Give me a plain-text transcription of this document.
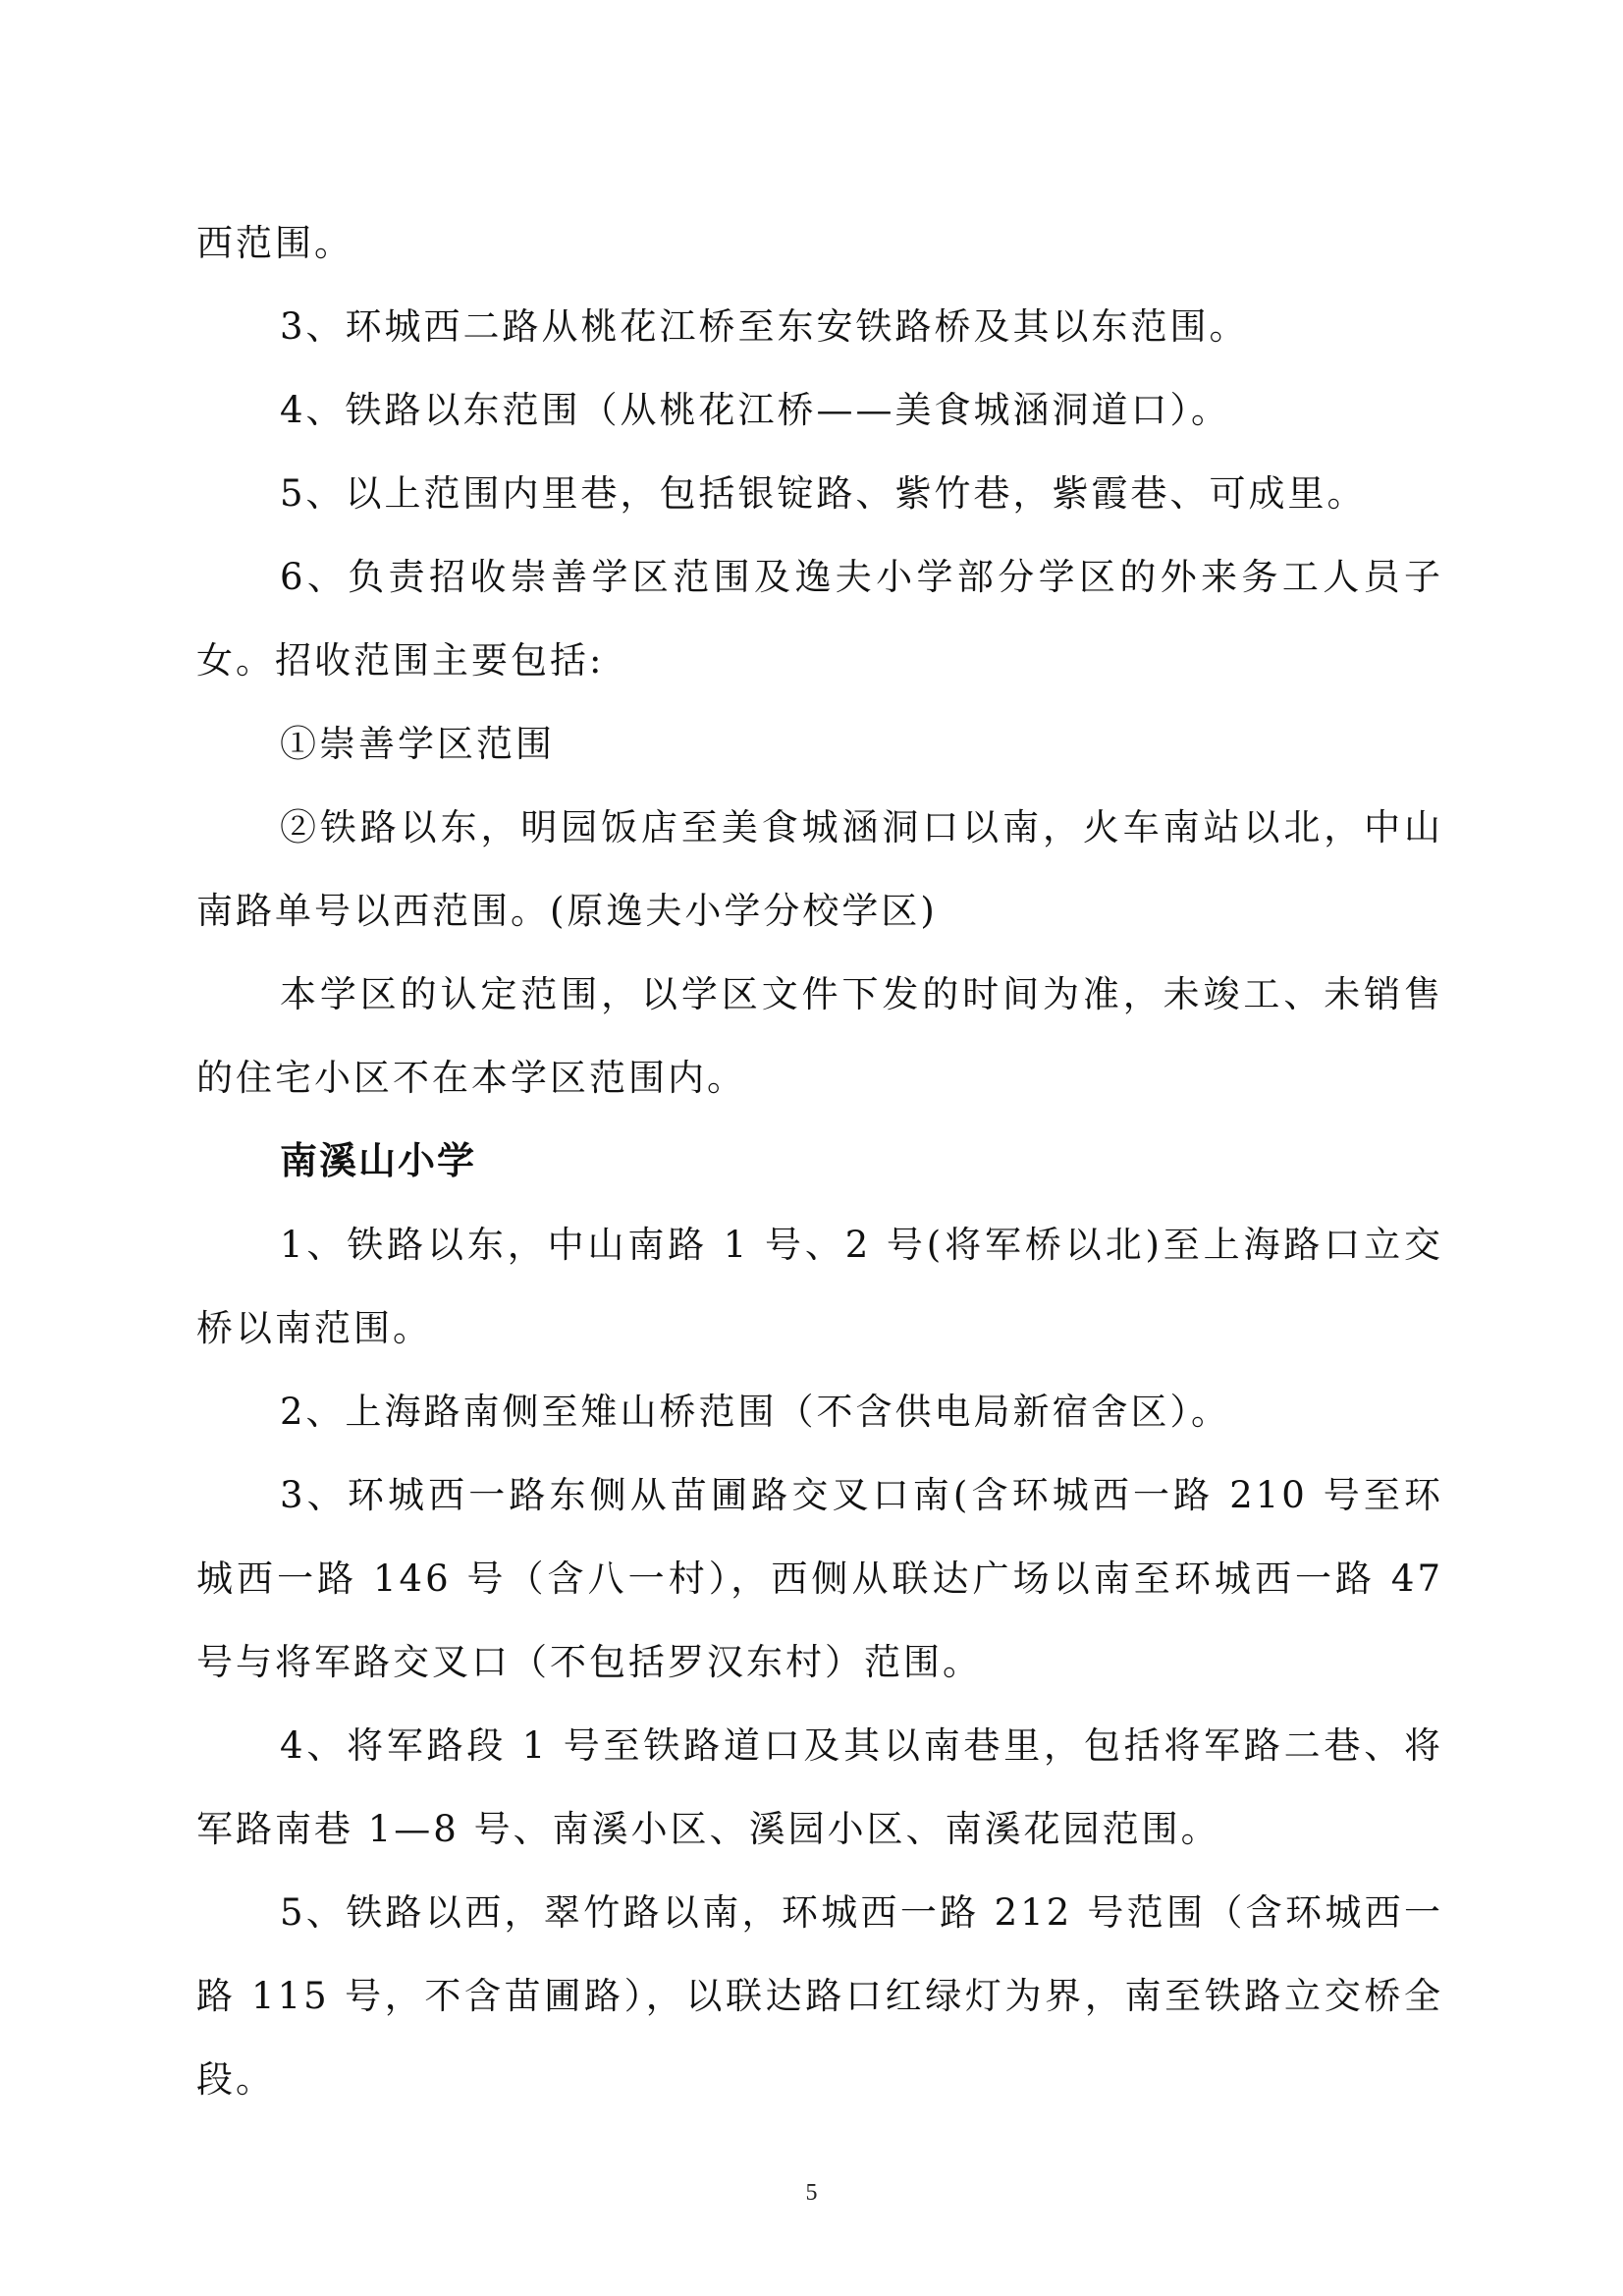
西范围。

3、环城西二路从桃花江桥至东安铁路桥及其以东范围。

4、铁路以东范围（从桃花江桥——美食城涵洞道口）。

5、以上范围内里巷，包括银锭路、紫竹巷，紫霞巷、可成里。

6、负责招收崇善学区范围及逸夫小学部分学区的外来务工人员子女。招收范围主要包括:

①崇善学区范围

②铁路以东，明园饭店至美食城涵洞口以南，火车南站以北，中山南路单号以西范围。(原逸夫小学分校学区)

本学区的认定范围，以学区文件下发的时间为准，未竣工、未销售的住宅小区不在本学区范围内。

南溪山小学

1、铁路以东，中山南路 1 号、2 号(将军桥以北)至上海路口立交桥以南范围。

2、上海路南侧至雉山桥范围（不含供电局新宿舍区）。

3、环城西一路东侧从苗圃路交叉口南(含环城西一路 210 号至环城西一路 146 号（含八一村），西侧从联达广场以南至环城西一路 47 号与将军路交叉口（不包括罗汉东村）范围。

4、将军路段 1 号至铁路道口及其以南巷里，包括将军路二巷、将军路南巷 1—8 号、南溪小区、溪园小区、南溪花园范围。

5、铁路以西，翠竹路以南，环城西一路 212 号范围（含环城西一路 115 号，不含苗圃路），以联达路口红绿灯为界，南至铁路立交桥全段。

5
